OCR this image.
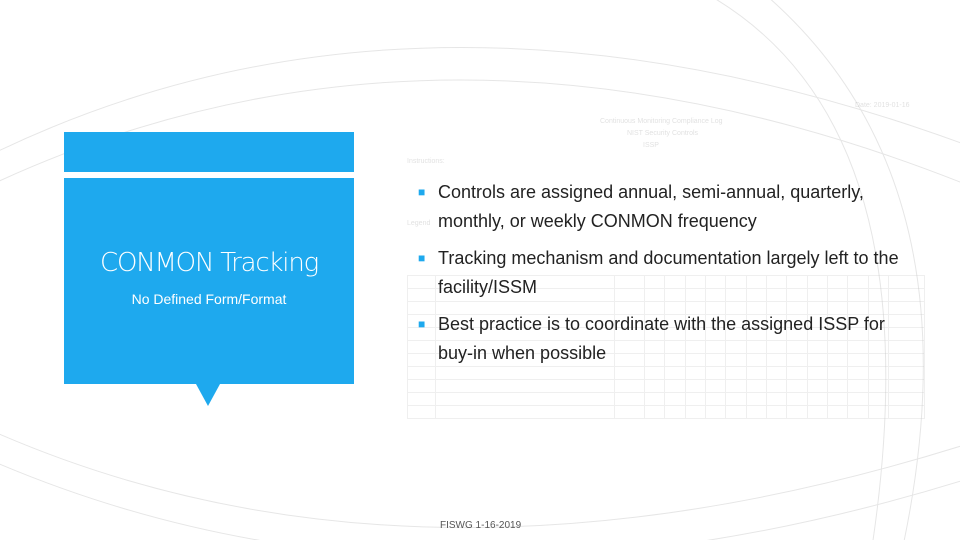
Date: 2019-01-16
Continuous Monitoring Compliance Log
NIST Security Controls
ISSP
Instructions:
Legend

CONMON Tracking
No Defined Form/Format
■ Controls are assigned annual, semi-annual, quarterly, monthly, or weekly CONMON frequency
■ Tracking mechanism and documentation largely left to the facility/ISSM
■ Best practice is to coordinate with the assigned ISSP for buy-in when possible
FISWG 1-16-2019
